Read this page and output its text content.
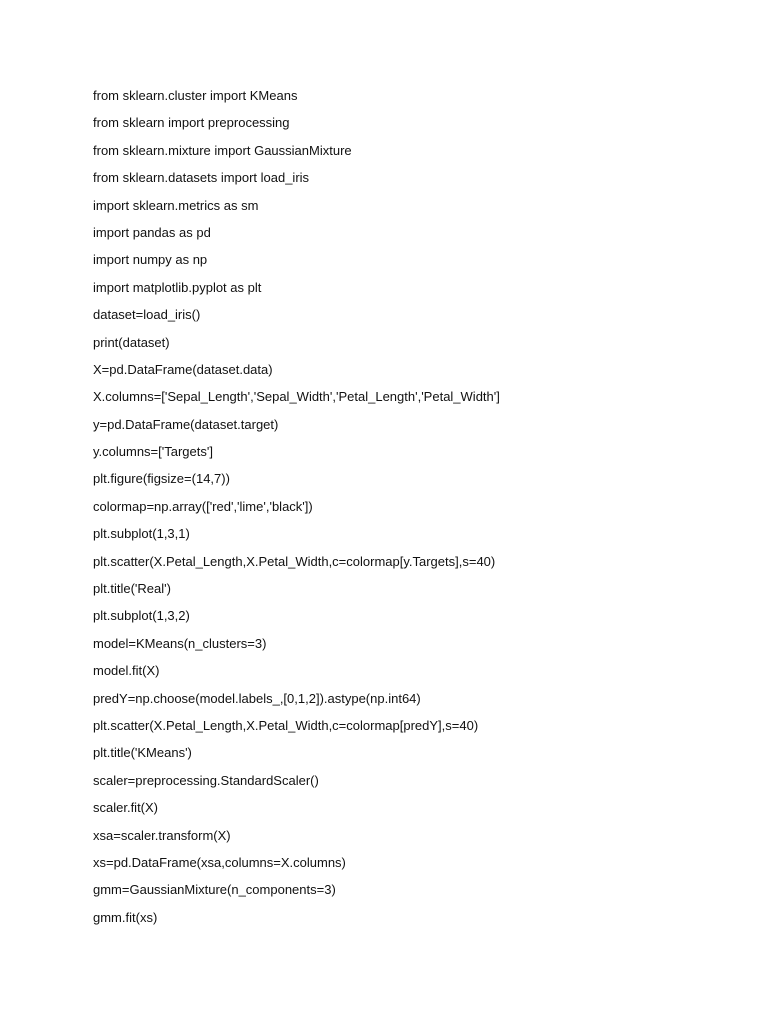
from sklearn.cluster import KMeans
from sklearn import preprocessing
from sklearn.mixture import GaussianMixture
from sklearn.datasets import load_iris
import sklearn.metrics as sm
import pandas as pd
import numpy as np
import matplotlib.pyplot as plt
dataset=load_iris()
print(dataset)
X=pd.DataFrame(dataset.data)
X.columns=['Sepal_Length','Sepal_Width','Petal_Length','Petal_Width']
y=pd.DataFrame(dataset.target)
y.columns=['Targets']
plt.figure(figsize=(14,7))
colormap=np.array(['red','lime','black'])
plt.subplot(1,3,1)
plt.scatter(X.Petal_Length,X.Petal_Width,c=colormap[y.Targets],s=40)
plt.title('Real')
plt.subplot(1,3,2)
model=KMeans(n_clusters=3)
model.fit(X)
predY=np.choose(model.labels_,[0,1,2]).astype(np.int64)
plt.scatter(X.Petal_Length,X.Petal_Width,c=colormap[predY],s=40)
plt.title('KMeans')
scaler=preprocessing.StandardScaler()
scaler.fit(X)
xsa=scaler.transform(X)
xs=pd.DataFrame(xsa,columns=X.columns)
gmm=GaussianMixture(n_components=3)
gmm.fit(xs)
